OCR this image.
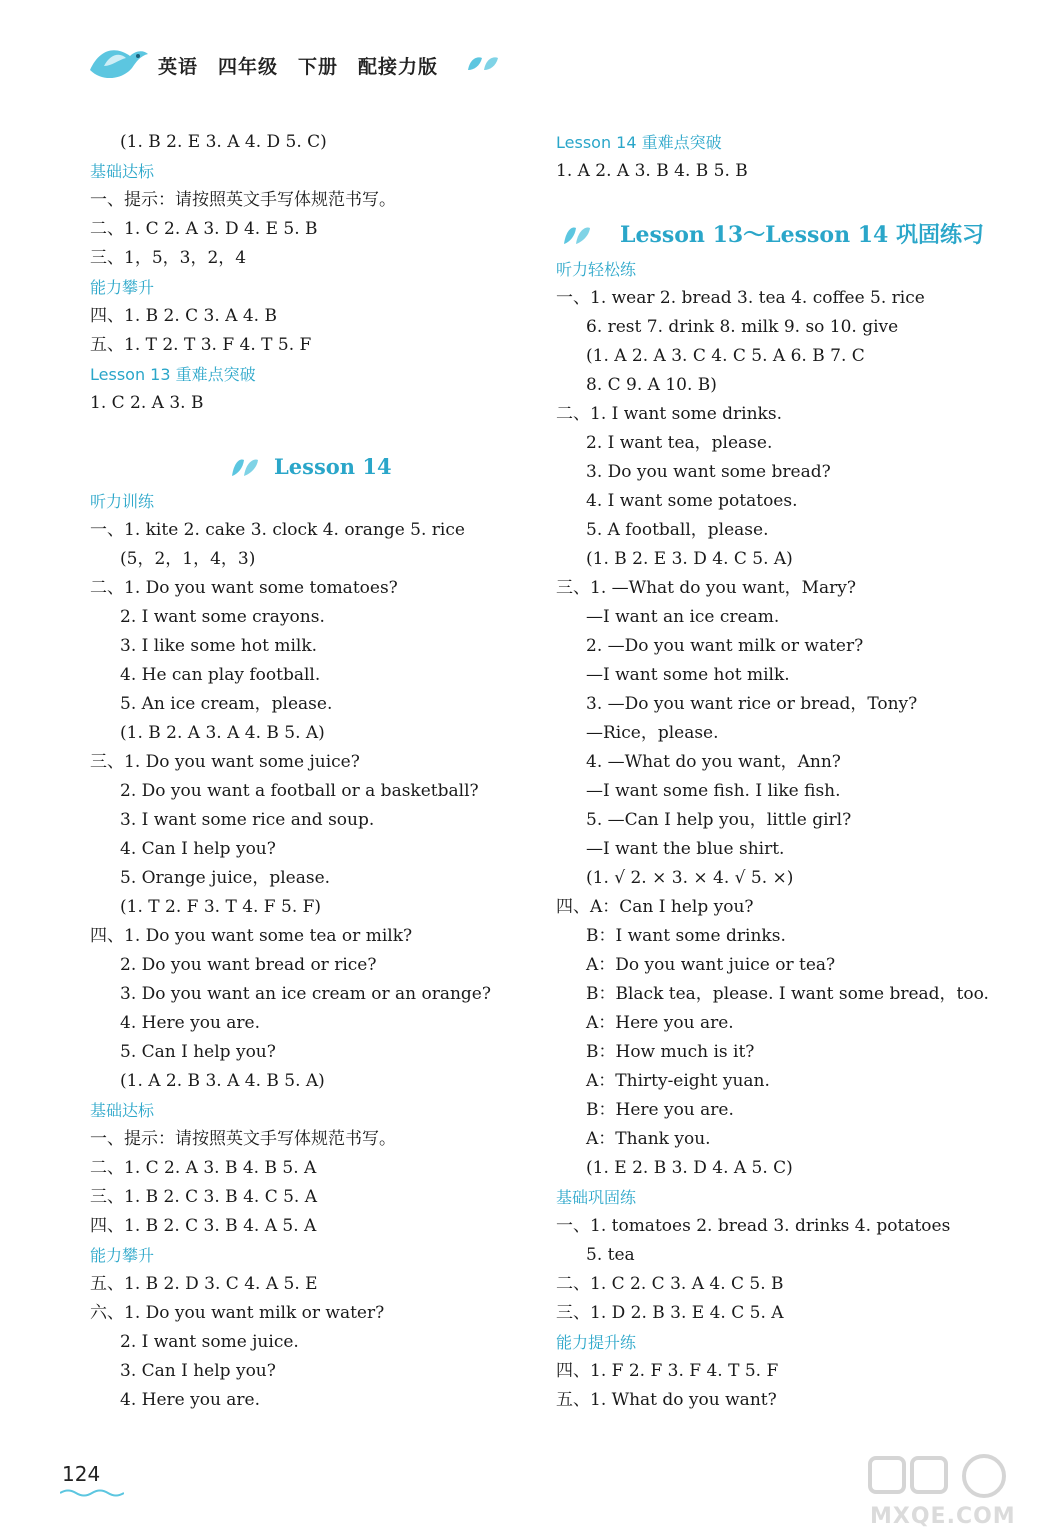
英语 四年级 下册 配接力版
(1. B 2. E 3. A 4. D 5. C)
基础达标
一、提示：请按照英文手写体规范书写。
二、1. C 2. A 3. D 4. E 5. B
三、1，5，3，2，4
能力攀升
四、1. B 2. C 3. A 4. B
五、1. T 2. T 3. F 4. T 5. F
Lesson 13 重难点突破
1. C 2. A 3. B
Lesson 14
听力训练
一、1. kite 2. cake 3. clock 4. orange 5. rice
(5，2，1，4，3)
二、1. Do you want some tomatoes?
2. I want some crayons.
3. I like some hot milk.
4. He can play football.
5. An ice cream，please.
(1. B 2. A 3. A 4. B 5. A)
三、1. Do you want some juice?
2. Do you want a football or a basketball?
3. I want some rice and soup.
4. Can I help you?
5. Orange juice，please.
(1. T 2. F 3. T 4. F 5. F)
四、1. Do you want some tea or milk?
2. Do you want bread or rice?
3. Do you want an ice cream or an orange?
4. Here you are.
5. Can I help you?
(1. A 2. B 3. A 4. B 5. A)
基础达标
一、提示：请按照英文手写体规范书写。
二、1. C 2. A 3. B 4. B 5. A
三、1. B 2. C 3. B 4. C 5. A
四、1. B 2. C 3. B 4. A 5. A
能力攀升
五、1. B 2. D 3. C 4. A 5. E
六、1. Do you want milk or water?
2. I want some juice.
3. Can I help you?
4. Here you are.
Lesson 14 重难点突破
1. A 2. A 3. B 4. B 5. B
Lesson 13～Lesson 14 巩固练习
听力轻松练
一、1. wear 2. bread 3. tea 4. coffee 5. rice
6. rest 7. drink 8. milk 9. so 10. give
(1. A 2. A 3. C 4. C 5. A 6. B 7. C
8. C 9. A 10. B)
二、1. I want some drinks.
2. I want tea，please.
3. Do you want some bread?
4. I want some potatoes.
5. A football，please.
(1. B 2. E 3. D 4. C 5. A)
三、1. —What do you want，Mary?
—I want an ice cream.
2. —Do you want milk or water?
—I want some hot milk.
3. —Do you want rice or bread，Tony?
—Rice，please.
4. —What do you want，Ann?
—I want some fish. I like fish.
5. —Can I help you，little girl?
—I want the blue shirt.
(1. √ 2. × 3. × 4. √ 5. ×)
四、A：Can I help you?
B：I want some drinks.
A：Do you want juice or tea?
B：Black tea，please. I want some bread，too.
A：Here you are.
B：How much is it?
A：Thirty-eight yuan.
B：Here you are.
A：Thank you.
(1. E 2. B 3. D 4. A 5. C)
基础巩固练
一、1. tomatoes 2. bread 3. drinks 4. potatoes
5. tea
二、1. C 2. C 3. A 4. C 5. B
三、1. D 2. B 3. E 4. C 5. A
能力提升练
四、1. F 2. F 3. F 4. T 5. F
五、1. What do you want?
124
MXQE.COM
